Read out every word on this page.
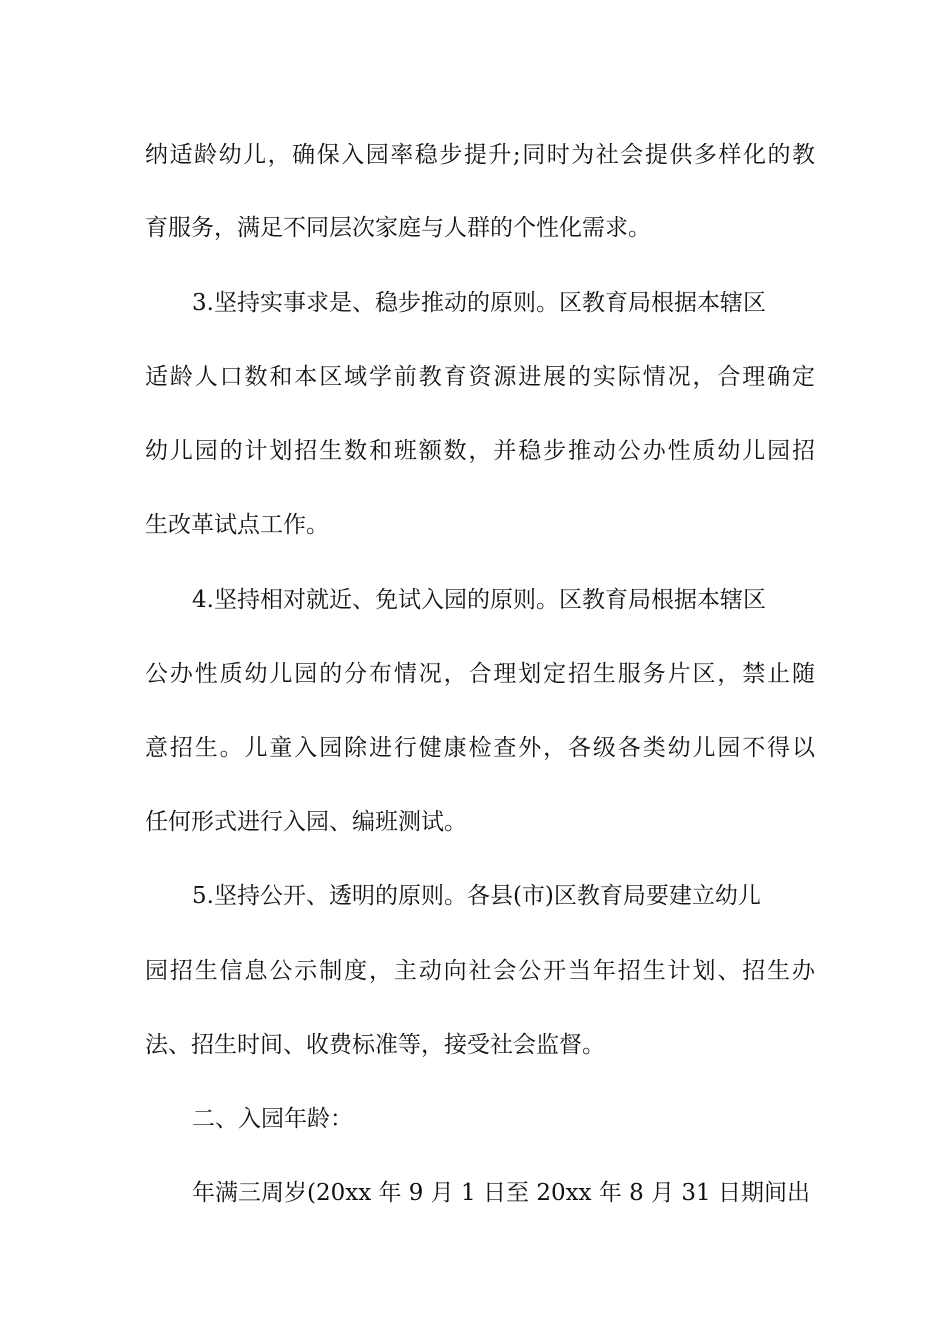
纳适龄幼儿，确保入园率稳步提升;同时为社会提供多样化的教
育服务，满足不同层次家庭与人群的个性化需求。
3.坚持实事求是、稳步推动的原则。区教育局根据本辖区
适龄人口数和本区域学前教育资源进展的实际情况，合理确定
幼儿园的计划招生数和班额数，并稳步推动公办性质幼儿园招
生改革试点工作。
4.坚持相对就近、免试入园的原则。区教育局根据本辖区
公办性质幼儿园的分布情况，合理划定招生服务片区，禁止随
意招生。儿童入园除进行健康检查外，各级各类幼儿园不得以
任何形式进行入园、编班测试。
5.坚持公开、透明的原则。各县(市)区教育局要建立幼儿
园招生信息公示制度，主动向社会公开当年招生计划、招生办
法、招生时间、收费标准等，接受社会监督。
二、入园年龄：
年满三周岁(20xx 年 9 月 1 日至 20xx 年 8 月 31 日期间出
